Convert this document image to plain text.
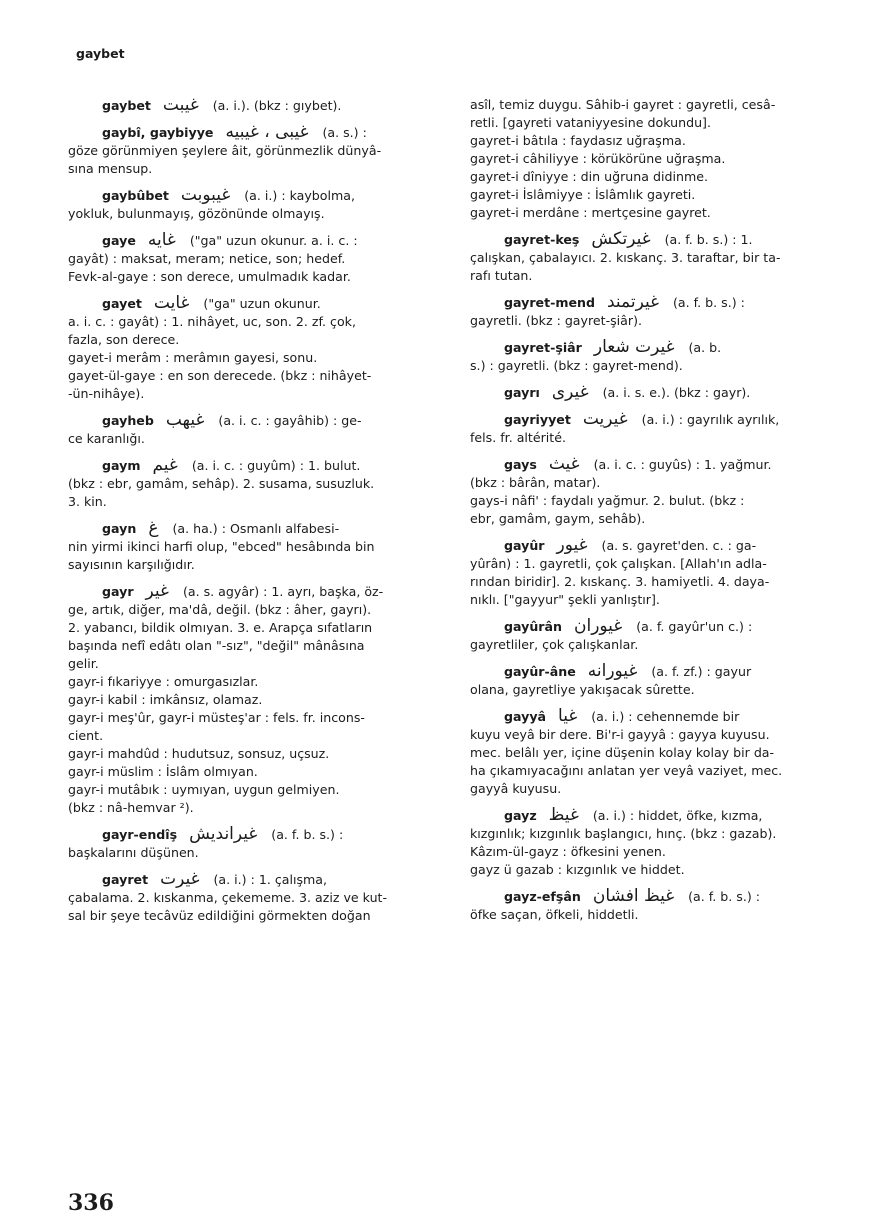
gaybet

gaybet غيبت (a. i.). (bkz : gıybet).

gaybî, gaybiyye غيبى ، غيبيه (a. s.) :

göze görünmiyen şeylere âit, görünmezlik dünyâ-

sına mensup.

gaybûbet غيبوبت (a. i.) : kaybolma,

yokluk, bulunmayış, gözönünde olmayış.

gaye غايه ("ga" uzun okunur. a. i. c. :

gayât) : maksat, meram; netice, son; hedef.

Fevk-al-gaye : son derece, umulmadık kadar.

gayet غايت ("ga" uzun okunur.

a. i. c. : gayât) : 1. nihâyet, uc, son. 2. zf. çok,

fazla, son derece.

gayet-i merâm : merâmın gayesi, sonu.

gayet-ül-gaye : en son derecede. (bkz : nihâyet-

-ün-nihâye).

gayheb غيهب (a. i. c. : gayâhib) : ge-

ce karanlığı.

gaym غيم (a. i. c. : guyûm) : 1. bulut.

(bkz : ebr, gamâm, sehâp). 2. susama, susuzluk.

3. kin.

gayn غ (a. ha.) : Osmanlı alfabesi-

nin yirmi ikinci harfi olup, "ebced" hesâbında bin

sayısının karşılığıdır.

gayr غير (a. s. agyâr) : 1. ayrı, başka, öz-

ge, artık, diğer, ma'dâ, değil. (bkz : âher, gayrı).

2. yabancı, bildik olmıyan. 3. e. Arapça sıfatların

başında nefî edâtı olan "-sız", "değil" mânâsına

gelir.

gayr-i fıkariyye : omurgasızlar.

gayr-i kabil : imkânsız, olamaz.

gayr-i meş'ûr, gayr-i müsteş'ar : fels. fr. incons-

cient.

gayr-i mahdûd : hudutsuz, sonsuz, uçsuz.

gayr-i müslim : İslâm olmıyan.

gayr-i mutâbık : uymıyan, uygun gelmiyen.

(bkz : nâ-hemvar ²).

gayr-endîş غيرانديش (a. f. b. s.) :

başkalarını düşünen.

gayret غيرت (a. i.) : 1. çalışma,

çabalama. 2. kıskanma, çekememe. 3. aziz ve kut-

sal bir şeye tecâvüz edildiğini görmekten doğan

asîl, temiz duygu. Sâhib-i gayret : gayretli, cesâ-

retli. [gayreti vataniyyesine dokundu].

gayret-i bâtıla : faydasız uğraşma.

gayret-i câhiliyye : körükörüne uğraşma.

gayret-i dîniyye : din uğruna didinme.

gayret-i İslâmiyye : İslâmlık gayreti.

gayret-i merdâne : mertçesine gayret.

gayret-keş غيرتكش (a. f. b. s.) : 1.

çalışkan, çabalayıcı. 2. kıskanç. 3. taraftar, bir ta-

rafı tutan.

gayret-mend غيرتمند (a. f. b. s.) :

gayretli. (bkz : gayret-şiâr).

gayret-şiâr غيرت شعار (a. b.

s.) : gayretli. (bkz : gayret-mend).

gayrı غيرى (a. i. s. e.). (bkz : gayr).

gayriyyet غيريت (a. i.) : gayrılık ayrılık,

fels. fr. altérité.

gays غيث (a. i. c. : guyûs) : 1. yağmur.

(bkz : bârân, matar).

gays-i nâfi' : faydalı yağmur. 2. bulut. (bkz :

ebr, gamâm, gaym, sehâb).

gayûr غيور (a. s. gayret'den. c. : ga-

yûrân) : 1. gayretli, çok çalışkan. [Allah'ın adla-

rından biridir]. 2. kıskanç. 3. hamiyetli. 4. daya-

nıklı. ["gayyur" şekli yanlıştır].

gayûrân غيوران (a. f. gayûr'un c.) :

gayretliler, çok çalışkanlar.

gayûr-âne غيورانه (a. f. zf.) : gayur

olana, gayretliye yakışacak sûrette.

gayyâ غيا (a. i.) : cehennemde bir

kuyu veyâ bir dere. Bi'r-i gayyâ : gayya kuyusu.

mec. belâlı yer, içine düşenin kolay kolay bir da-

ha çıkamıyacağını anlatan yer veyâ vaziyet, mec.

gayyâ kuyusu.

gayz غيظ (a. i.) : hiddet, öfke, kızma,

kızgınlık; kızgınlık başlangıcı, hınç. (bkz : gazab).

Kâzım-ül-gayz : öfkesini yenen.

gayz ü gazab : kızgınlık ve hiddet.

gayz-efşân غيظ افشان (a. f. b. s.) :

öfke saçan, öfkeli, hiddetli.

336
